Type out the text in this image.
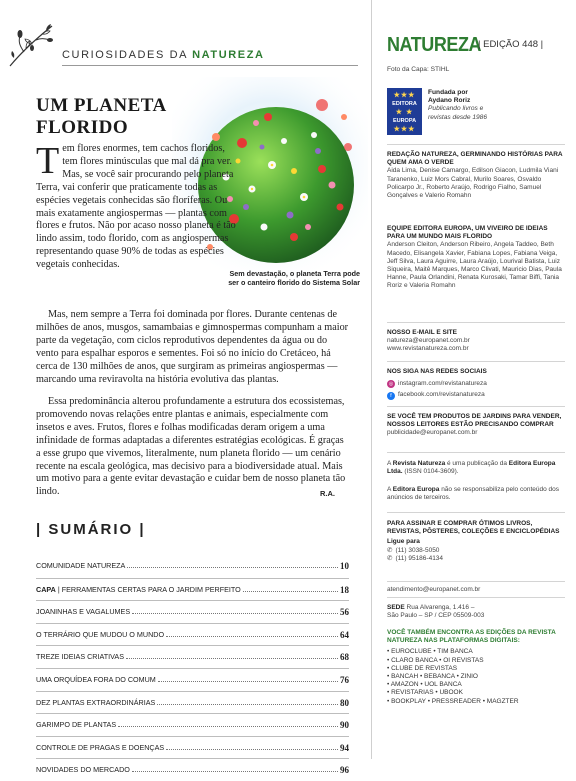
CURIOSIDADES DA NATUREZA
UM PLANETA FLORIDO
Tem flores enormes, tem cachos floridos, tem flores minúsculas que mal dá pra ver. Mas, se você sair procurando pelo planeta Terra, vai conferir que praticamente todas as espécies vegetais conhecidas são floríferas. Ou mais exatamente angiospermas — plantas com flores e frutos. Não por acaso nosso planeta é tão lindo assim, todo florido, com as angiospermas representando quase 90% de todas as espécies vegetais conhecidas.
Sem devastação, o planeta Terra pode ser o canteiro florido do Sistema Solar

Mas, nem sempre a Terra foi dominada por flores. Durante centenas de milhões de anos, musgos, samambaias e gimnospermas compunham a maior parte da vegetação, com ciclos reprodutivos dependentes da água ou do vento para espalhar esporos e sementes. Foi só no início do Cretáceo, há cerca de 130 milhões de anos, que surgiram as primeiras angiospermas — marcando uma reviravolta na história evolutiva das plantas.

Essa predominância alterou profundamente a estrutura dos ecossistemas, promovendo novas relações entre plantas e animais, especialmente com insetos e aves. Frutos, flores e folhas modificadas deram origem a uma infinidade de formas adaptadas a diferentes estratégias ecológicas. É graças a esse grupo que vivemos, literalmente, num planeta florido — um cenário recente na escala geológica, mas decisivo para a biodiversidade atual. Mais um motivo para a gente evitar devastação e cuidar bem de nosso planeta tão lindo.	R.A.
| SUMÁRIO |
COMUNIDADE NATUREZA	10
CAPA | FERRAMENTAS CERTAS PARA O JARDIM PERFEITO	18
JOANINHAS E VAGALUMES	56
O TERRÁRIO QUE MUDOU O MUNDO	64
TREZE IDEIAS CRIATIVAS	68
UMA ORQUÍDEA FORA DO COMUM	76
DEZ PLANTAS EXTRAORDINÁRIAS	80
GARIMPO DE PLANTAS	90
CONTROLE DE PRAGAS E DOENÇAS	94
NOVIDADES DO MERCADO	96
NATUREZA
| EDIÇÃO 448 |
Foto da Capa: STIHL
★★★
EDITORA
★ ★
EUROPA
★★★
Fundada por
Aydano Roriz
Publicando livros e
revistas desde 1986
REDAÇÃO NATUREZA, GERMINANDO HISTÓRIAS PARA QUEM AMA O VERDE
Aida Lima, Denise Camargo, Edilson Giacon, Ludmila Viani Taranenko, Luiz Mors Cabral, Murilo Soares, Osvaldo Policarpo Jr., Roberto Araújo, Rodrigo Fialho, Samuel Gonçalves e Valerio Romahn
EQUIPE EDITORA EUROPA, UM VIVEIRO DE IDEIAS PARA UM MUNDO MAIS FLORIDO
Anderson Cleiton, Anderson Ribeiro, Angela Taddeo, Beth Macedo, Elisangela Xavier, Fabiana Lopes, Fabiana Veiga, Jeff Silva, Laura Aguirre, Laura Araújo, Lourival Batista, Luiz Siqueira, Maitê Marques, Marco Clivati, Mauricio Dias, Paula Hanne, Paula Orlandini, Renata Kurosaki, Tamar Biffi, Tania Roriz e Valeria Romahn
NOSSO E-MAIL E SITE
natureza@europanet.com.br
www.revistanatureza.com.br
NOS SIGA NAS REDES SOCIAIS
◎ instagram.com/revistanatureza
f facebook.com/revistanatureza
SE VOCÊ TEM PRODUTOS DE JARDINS PARA VENDER, NOSSOS LEITORES ESTÃO PRECISANDO COMPRAR
publicidade@europanet.com.br
A Revista Natureza é uma publicação da Editora Europa Ltda. (ISSN 0104-3609).
A Editora Europa não se responsabiliza pelo conteúdo dos anúncios de terceiros.
PARA ASSINAR E COMPRAR ÓTIMOS LIVROS, REVISTAS, PÔSTERES, COLEÇÕES E ENCICLOPÉDIAS
Ligue para
✆ (11) 3038-5050
✆ (11) 95186-4134
atendimento@europanet.com.br
SEDE Rua Alvarenga, 1.416 –
São Paulo – SP / CEP 05509-003
VOCÊ TAMBÉM ENCONTRA AS EDIÇÕES DA REVISTA NATUREZA NAS PLATAFORMAS DIGITAIS:
• EUROCLUBE • TIM BANCA
• CLARO BANCA • OI REVISTAS
• CLUBE DE REVISTAS
• BANCAH • BEBANCA • ZINIO
• AMAZON • UOL BANCA
• REVISTARIAS • UBOOK
• BOOKPLAY • PRESSREADER • MAGZTER
